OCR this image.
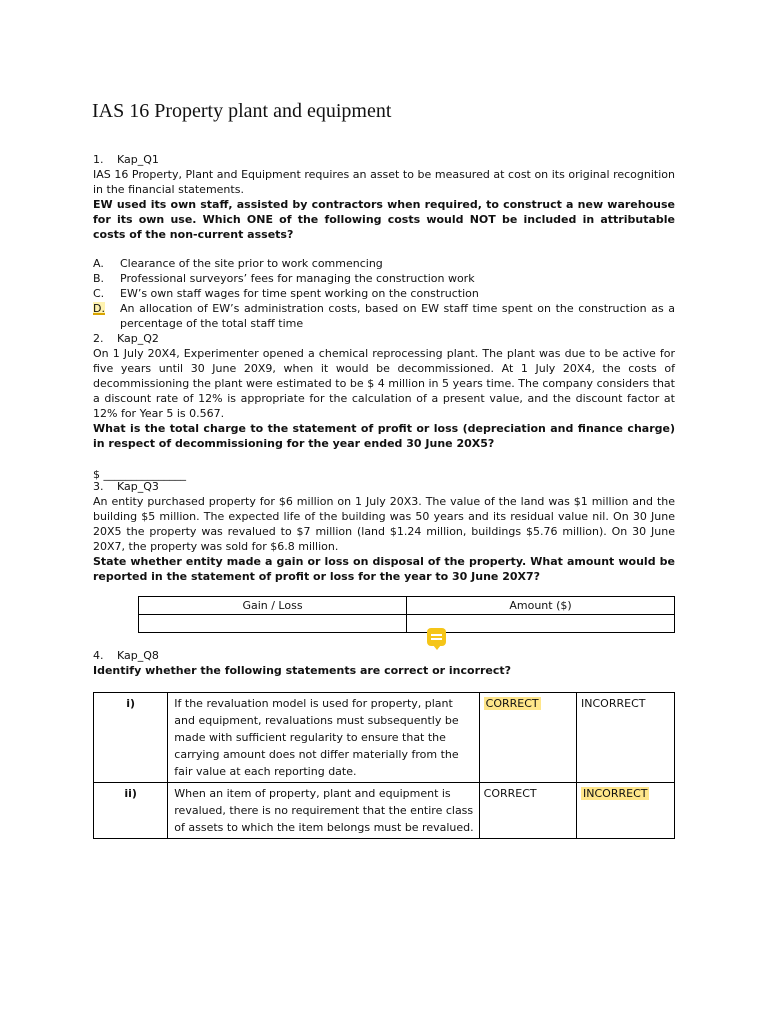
IAS 16 Property plant and equipment
1.	Kap_Q1

IAS 16 Property, Plant and Equipment requires an asset to be measured at cost on its original recognition in the financial statements.

EW used its own staff, assisted by contractors when required, to construct a new warehouse for its own use. Which ONE of the following costs would NOT be included in attributable costs of the non-current assets?

A.	Clearance of the site prior to work commencing
B.	Professional surveyors’ fees for managing the construction work
C.	EW’s own staff wages for time spent working on the construction
D.	An allocation of EW’s administration costs, based on EW staff time spent on the construction as a percentage of the total staff time
2.	Kap_Q2

On 1 July 20X4, Experimenter opened a chemical reprocessing plant. The plant was due to be active for five years until 30 June 20X9, when it would be decommissioned. At 1 July 20X4, the costs of decommissioning the plant were estimated to be $ 4 million in 5 years time. The company considers that a discount rate of 12% is appropriate for the calculation of a present value, and the discount factor at 12% for Year 5 is 0.567.

What is the total charge to the statement of profit or loss (depreciation and finance charge) in respect of decommissioning for the year ended 30 June 20X5?

$ _______________

3.	Kap_Q3

An entity purchased property for $6 million on 1 July 20X3. The value of the land was $1 million and the building $5 million. The expected life of the building was 50 years and its residual value nil. On 30 June 20X5 the property was revalued to $7 million (land $1.24 million, buildings $5.76 million). On 30 June 20X7, the property was sold for $6.8 million.

State whether entity made a gain or loss on disposal of the property. What amount would be reported in the statement of profit or loss for the year to 30 June 20X7?

Gain / Loss	Amount ($)

4.	Kap_Q8

Identify whether the following statements are correct or incorrect?

i)	If the revaluation model is used for property, plant and equipment, revaluations must subsequently be made with sufficient regularity to ensure that the carrying amount does not differ materially from the fair value at each reporting date.	CORRECT	INCORRECT
ii)	When an item of property, plant and equipment is revalued, there is no requirement that the entire class of assets to which the item belongs must be revalued.	CORRECT	INCORRECT
